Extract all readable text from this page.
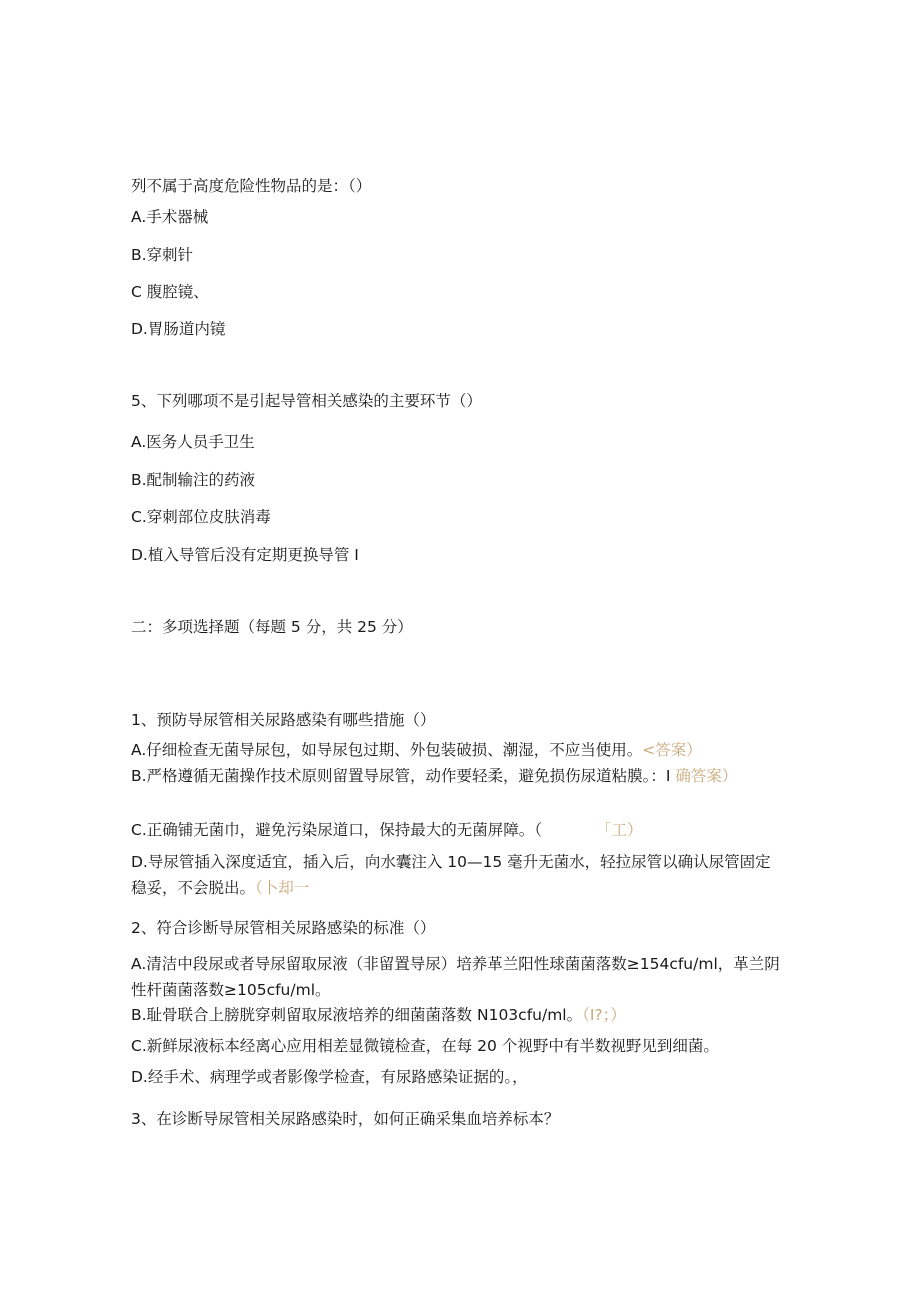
列不属于高度危险性物品的是：（）

A.手术器械

B.穿刺针

C 腹腔镜、

D.胃肠道内镜

5、下列哪项不是引起导管相关感染的主要环节（）

A.医务人员手卫生

B.配制输注的药液

C.穿刺部位皮肤消毒

D.植入导管后没有定期更换导管 I

二：多项选择题（每题 5 分，共 25 分）

1、预防导尿管相关尿路感染有哪些措施（）

A.仔细检查无菌导尿包，如导尿包过期、外包装破损、潮湿，不应当使用。<答案）

B.严格遵循无菌操作技术原则留置导尿管，动作要轻柔，避免损伤尿道粘膜。：I 确答案）

C.正确铺无菌巾，避免污染尿道口，保持最大的无菌屏障。（	「工）

D.导尿管插入深度适宜，插入后，向水囊注入 10—15 毫升无菌水，轻拉尿管以确认尿管固定稳妥，不会脱出。（卜却一

2、符合诊断导尿管相关尿路感染的标准（）

A.清洁中段尿或者导尿留取尿液（非留置导尿）培养革兰阳性球菌菌落数≥154cfu∕ml，革兰阴性杆菌菌落数≥105cfu∕ml。

B.耻骨联合上膀胱穿刺留取尿液培养的细菌菌落数 N103cfu∕ml。（I?；）

C.新鲜尿液标本经离心应用相差显微镜检查，在每 20 个视野中有半数视野见到细菌。

D.经手术、病理学或者影像学检查，有尿路感染证据的。，

3、在诊断导尿管相关尿路感染时，如何正确采集血培养标本？
